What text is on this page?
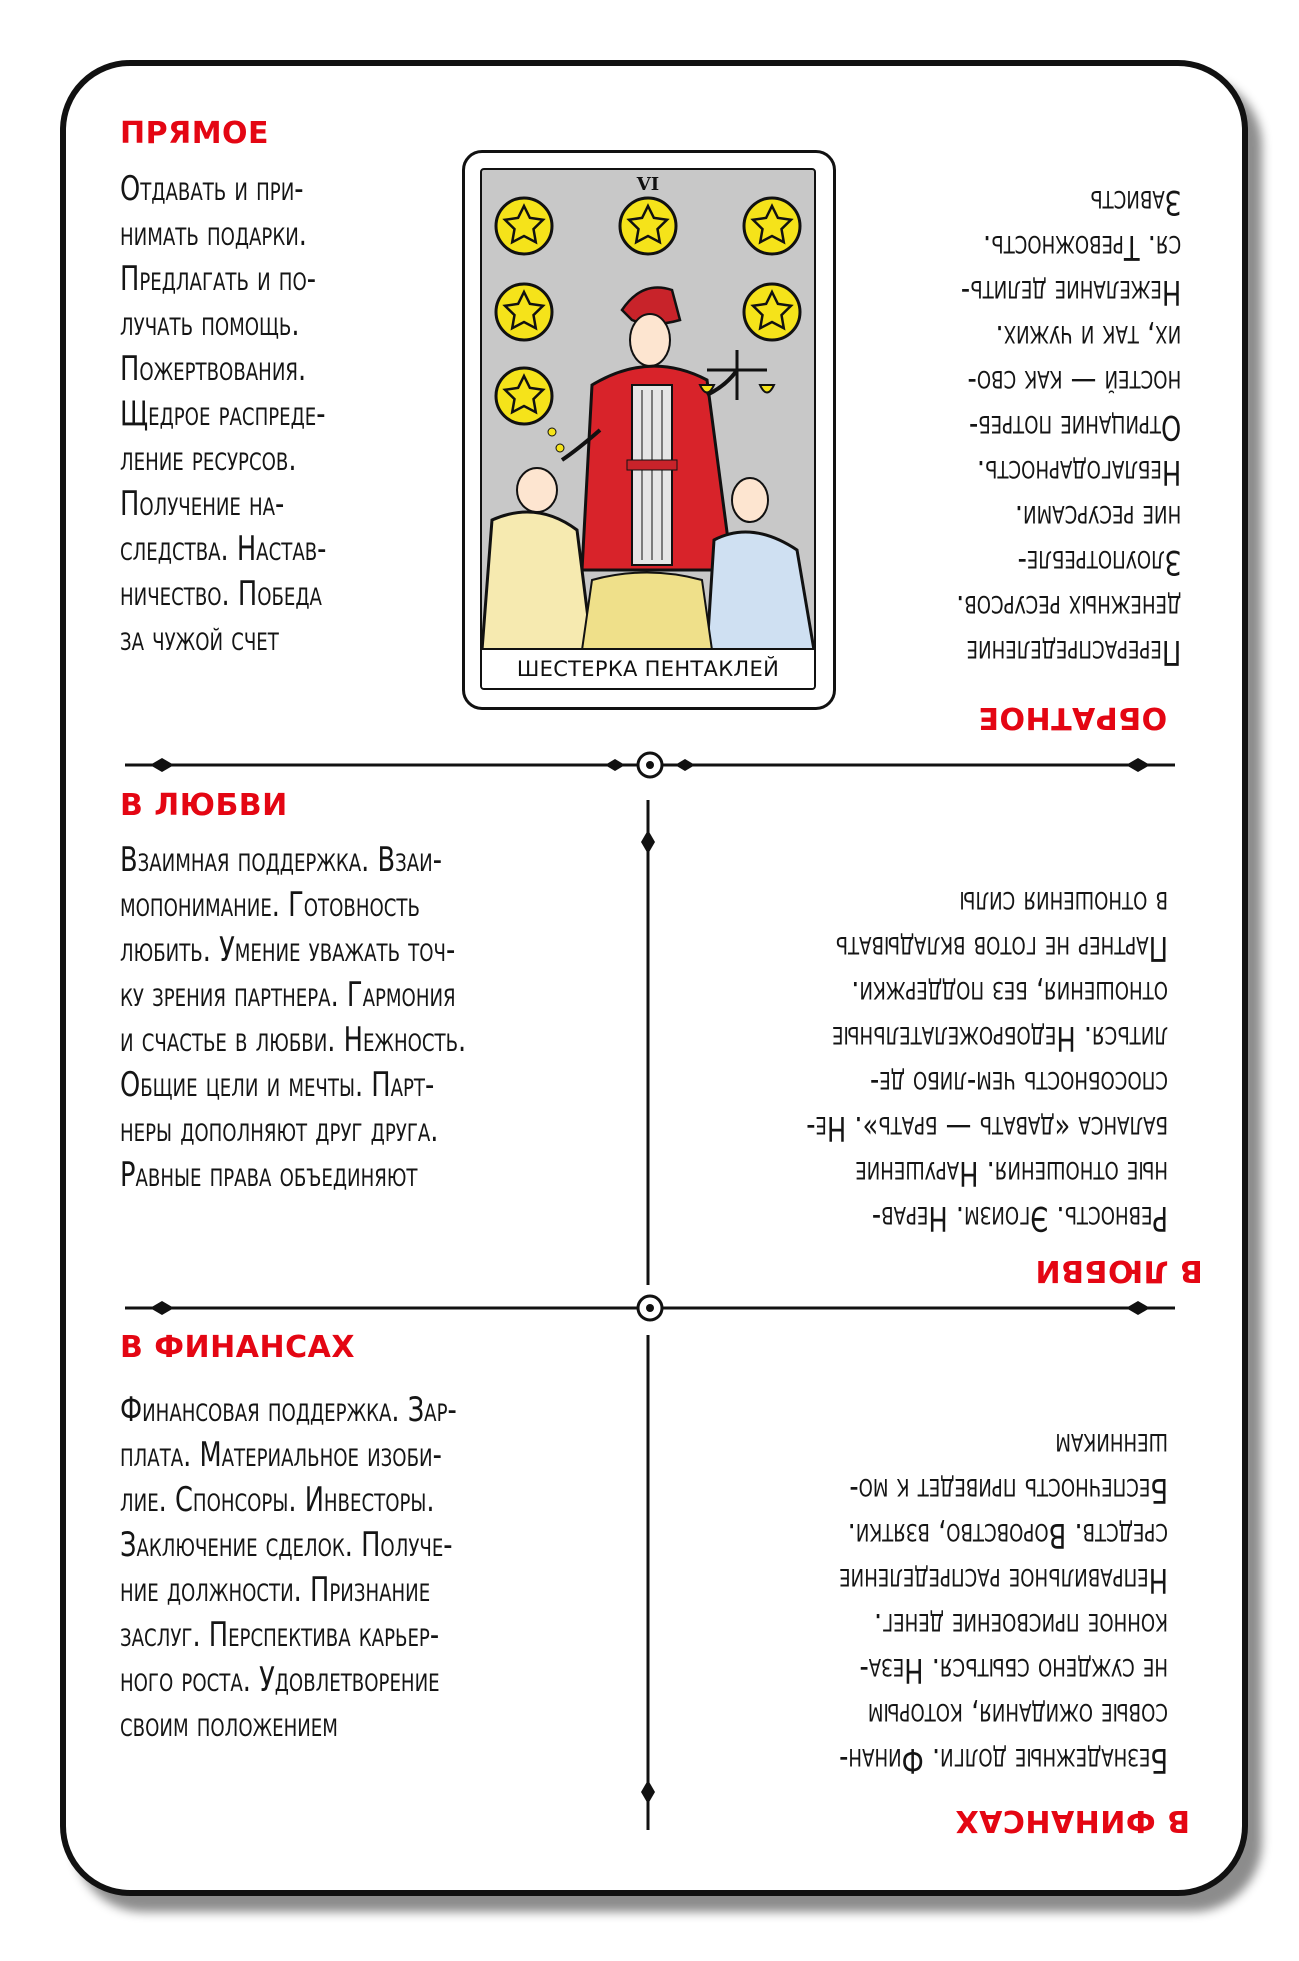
ПРЯМОЕ
Отдавать и при-
нимать подарки.
Предлагать и по-
лучать помощь.
Пожертвования.
Щедрое распреде-
ление ресурсов.
Получение на-
следства. Настав-
ничество. Победа
за чужой счет
ОБРАТНОЕ
Перераспределение
денежных ресурсов.
Злоупотребле-
ние ресурсами.
Неблагодарность.
Отрицание потреб-
ностей — как сво-
их, так и чужих.
Нежелание делить-
ся. Тревожность.
Зависть
VI
ШЕСТЕРКА ПЕНТАКЛЕЙ
В ЛЮБВИ
Взаимная поддержка. Взаи-
мопонимание. Готовность
любить. Умение уважать точ-
ку зрения партнера. Гармония
и счастье в любви. Нежность.
Общие цели и мечты. Парт-
неры дополняют друг друга.
Равные права объединяют
В ЛЮБВИ
Ревность. Эгоизм. Нерав-
ные отношения. Нарушение
баланса «давать — брать». Не-
способность чем-либо де-
литься. Недоброжелательные
отношения, без поддержки.
Партнер не готов вкладывать
в отношения силы
В ФИНАНСАХ
Финансовая поддержка. Зар-
плата. Материальное изоби-
лие. Спонсоры. Инвесторы.
Заключение сделок. Получе-
ние должности. Признание
заслуг. Перспектива карьер-
ного роста. Удовлетворение
своим положением
В ФИНАНСАХ
Безнадежные долги. Финан-
совые ожидания, которым
не суждено сбыться. Неза-
конное присвоение денег.
Неправильное распределение
средств. Воровство, взятки.
Беспечность приведет к мо-
шенникам
